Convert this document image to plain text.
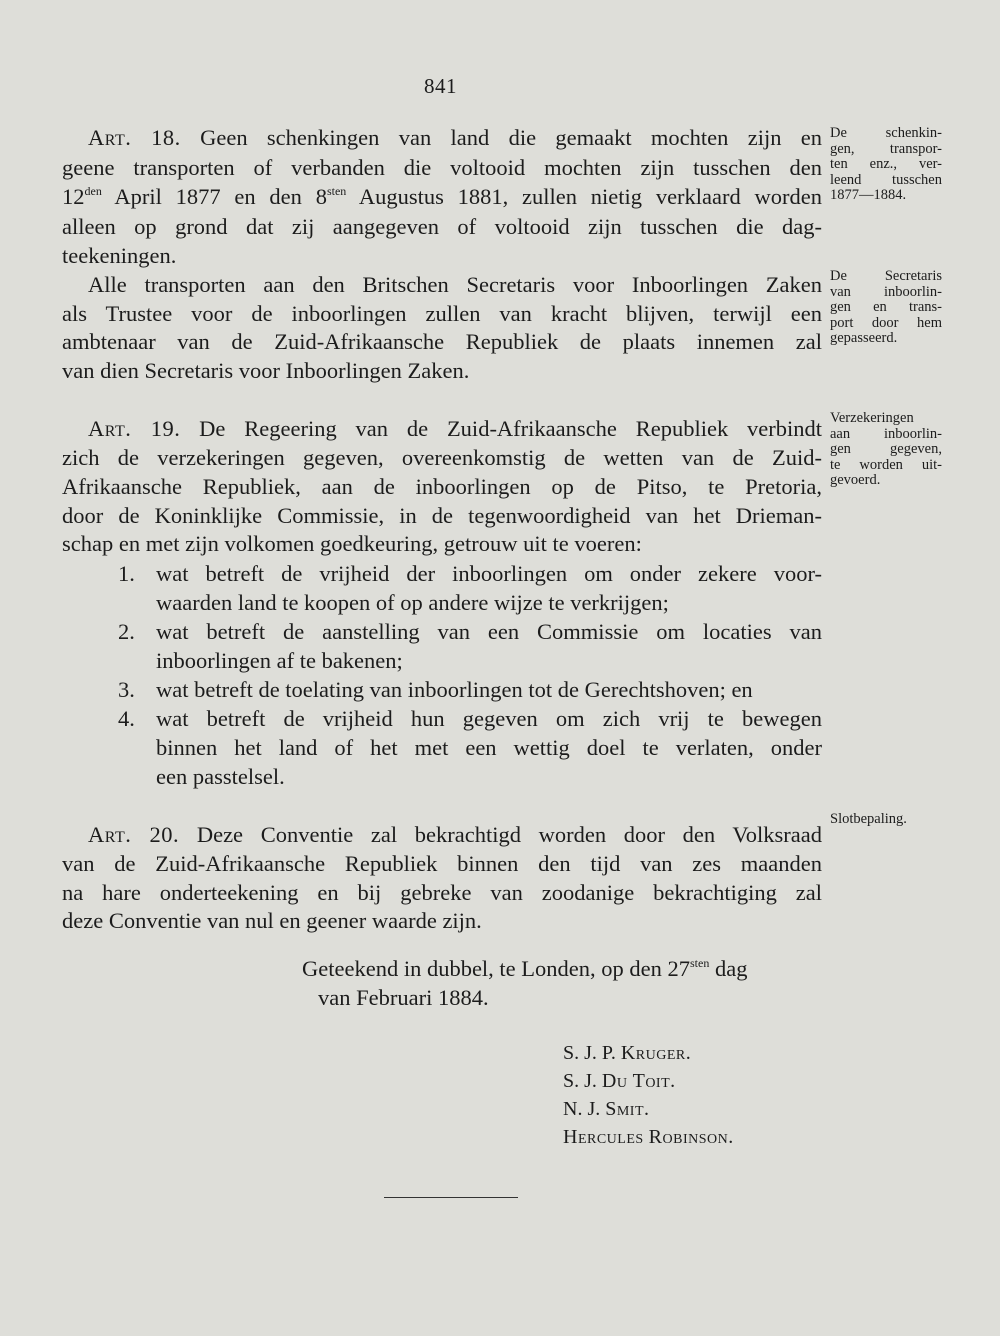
841
Art. 18. Geen schenkingen van land die gemaakt mochten zijn en
geene transporten of verbanden die voltooid mochten zijn tusschen den
$12^{den}$ April 1877 en den $8^{sten}$ Augustus 1881, zullen nietig verklaard worden
alleen op grond dat zij aangegeven of voltooid zijn tusschen die dag-
teekeningen.
Alle transporten aan den Britschen Secretaris voor Inboorlingen Zaken
als Trustee voor de inboorlingen zullen van kracht blijven, terwijl een
ambtenaar van de Zuid-Afrikaansche Republiek de plaats innemen zal
van dien Secretaris voor Inboorlingen Zaken.
Art. 19. De Regeering van de Zuid-Afrikaansche Republiek verbindt
zich de verzekeringen gegeven, overeenkomstig de wetten van de Zuid-
Afrikaansche Republiek, aan de inboorlingen op de Pitso, te Pretoria,
door de Koninklijke Commissie, in de tegenwoordigheid van het Drieman-
schap en met zijn volkomen goedkeuring, getrouw uit te voeren:
1. wat betreft de vrijheid der inboorlingen om onder zekere voor-
waarden land te koopen of op andere wijze te verkrijgen;
2. wat betreft de aanstelling van een Commissie om locaties van
inboorlingen af te bakenen;
3. wat betreft de toelating van inboorlingen tot de Gerechtshoven; en
4. wat betreft de vrijheid hun gegeven om zich vrij te bewegen
binnen het land of het met een wettig doel te verlaten, onder
een passtelsel.
Art. 20. Deze Conventie zal bekrachtigd worden door den Volksraad
van de Zuid-Afrikaansche Republiek binnen den tijd van zes maanden
na hare onderteekening en bij gebreke van zoodanige bekrachtiging zal
deze Conventie van nul en geener waarde zijn.
Geteekend in dubbel, te Londen, op den $27^{sten}$ dag
van Februari 1884.
S. J. P. Kruger.
S. J. Du Toit.
N. J. Smit.
Hercules Robinson.
De schenkin-
gen, transpor-
ten enz., ver-
leend tusschen
1877—1884.
De Secretaris
van inboorlin-
gen en trans-
port door hem
gepasseerd.
Verzekeringen
aan inboorlin-
gen gegeven,
te worden uit-
gevoerd.
Slotbepaling.
